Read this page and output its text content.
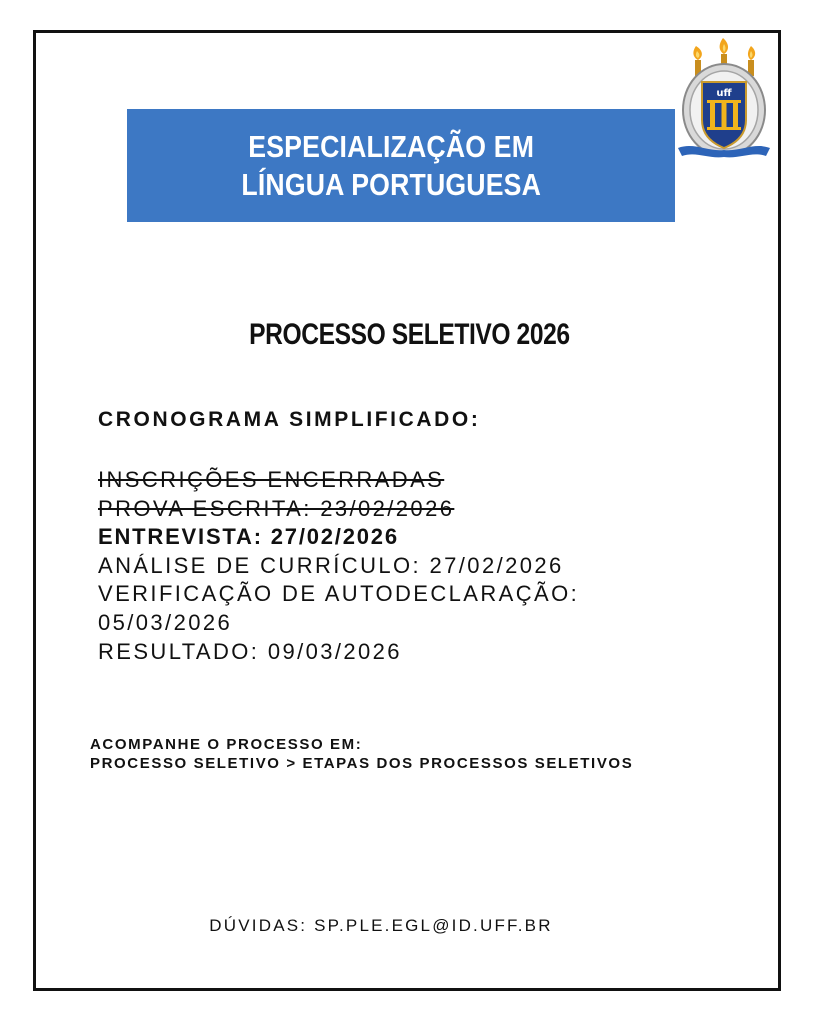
uff
ESPECIALIZAÇÃO EM
LÍNGUA PORTUGUESA
PROCESSO SELETIVO 2026
CRONOGRAMA SIMPLIFICADO:
INSCRIÇÕES ENCERRADAS
PROVA ESCRITA: 23/02/2026
ENTREVISTA: 27/02/2026
ANÁLISE DE CURRÍCULO: 27/02/2026
VERIFICAÇÃO DE AUTODECLARAÇÃO:
05/03/2026
RESULTADO: 09/03/2026
ACOMPANHE O PROCESSO EM:
PROCESSO SELETIVO > ETAPAS DOS PROCESSOS SELETIVOS
DÚVIDAS: SP.PLE.EGL@ID.UFF.BR
